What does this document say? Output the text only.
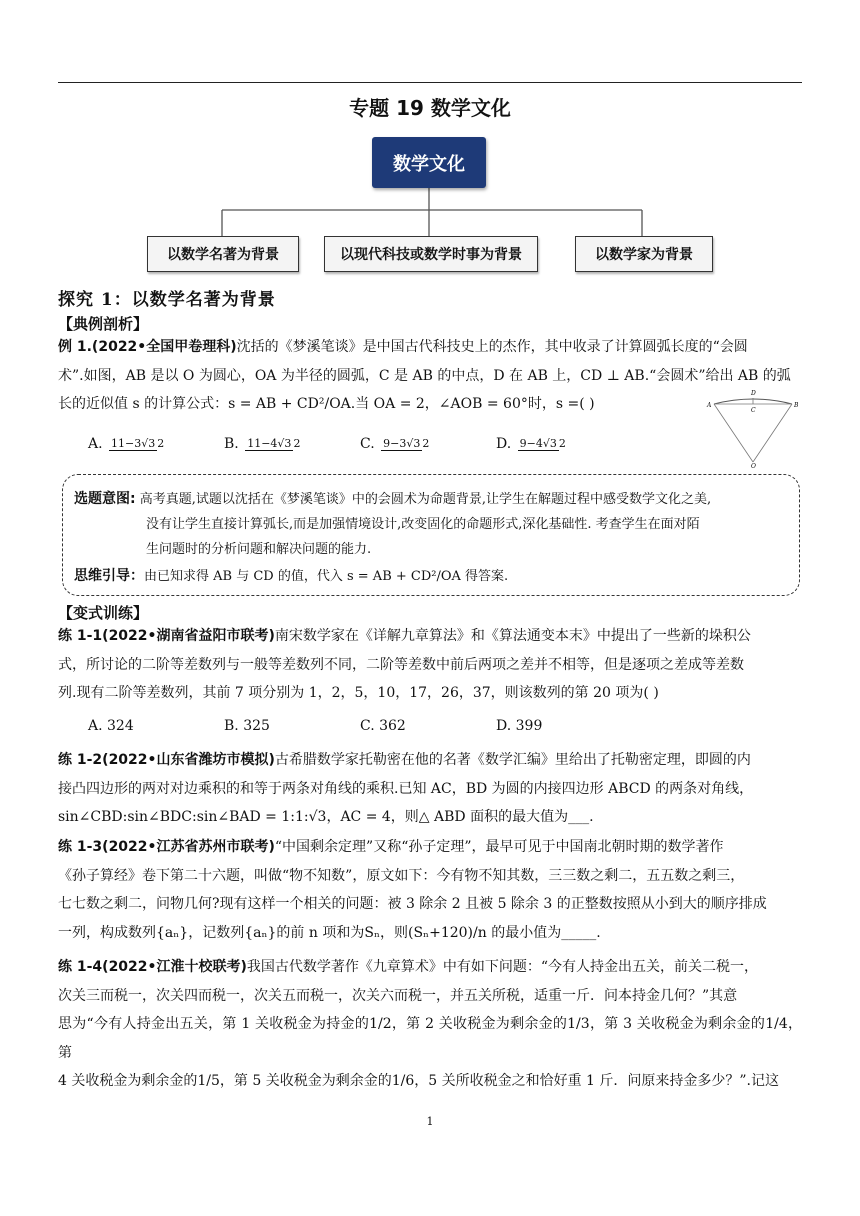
专题 19 数学文化
数学文化
以数学名著为背景	以现代科技或数学时事为背景	以数学家为背景
探究 1：以数学名著为背景
【典例剖析】
例 1.(2022•全国甲卷理科)沈括的《梦溪笔谈》是中国古代科技史上的杰作，其中收录了计算圆弧长度的“会圆
术”.如图，AB 是以 O 为圆心，OA 为半径的圆弧，C 是 AB 的中点，D 在 AB 上，CD ⊥ AB.“会圆术”给出 AB 的弧
长的近似值 s 的计算公式：s = AB + CD²/OA.当 OA = 2，∠AOB = 60°时，s =( )	A	B
C
D
O
A. 11−3√3 2	B. 11−4√3 2	C. 9−3√3 2	D. 9−4√3 2
选题意图: 高考真题,试题以沈括在《梦溪笔谈》中的会圆术为命题背景,让学生在解题过程中感受数学文化之美,
没有让学生直接计算弧长,而是加强情境设计,改变固化的命题形式,深化基础性. 考查学生在面对陌
生问题时的分析问题和解决问题的能力.
思维引导：由已知求得 AB 与 CD 的值，代入 s = AB + CD²/OA 得答案.
【变式训练】
练 1-1(2022•湖南省益阳市联考)南宋数学家在《详解九章算法》和《算法通变本末》中提出了一些新的垛积公
式，所讨论的二阶等差数列与一般等差数列不同，二阶等差数中前后两项之差并不相等，但是逐项之差成等差数
列.现有二阶等差数列，其前 7 项分别为 1，2，5，10，17，26，37，则该数列的第 20 项为( )
A. 324	B. 325	C. 362	D. 399
练 1-2(2022•山东省潍坊市模拟)古希腊数学家托勒密在他的名著《数学汇编》里给出了托勒密定理，即圆的内
接凸四边形的两对对边乘积的和等于两条对角线的乘积.已知 AC，BD 为圆的内接四边形 ABCD 的两条对角线，
sin∠CBD:sin∠BDC:sin∠BAD = 1:1:√3，AC = 4，则△ ABD 面积的最大值为___.
练 1-3(2022•江苏省苏州市联考)“中国剩余定理”又称“孙子定理”，最早可见于中国南北朝时期的数学著作
《孙子算经》卷下第二十六题，叫做“物不知数”，原文如下：今有物不知其数，三三数之剩二，五五数之剩三，
七七数之剩二，问物几何?现有这样一个相关的问题：被 3 除余 2 且被 5 除余 3 的正整数按照从小到大的顺序排成
一列，构成数列{aₙ}，记数列{aₙ}的前 n 项和为Sₙ，则(Sₙ+120)/n 的最小值为_____.
练 1-4(2022•江淮十校联考)我国古代数学著作《九章算术》中有如下问题：“今有人持金出五关，前关二税一，
次关三而税一，次关四而税一，次关五而税一，次关六而税一，并五关所税，适重一斤．问本持金几何？”其意
思为“今有人持金出五关，第 1 关收税金为持金的1/2，第 2 关收税金为剩余金的1/3，第 3 关收税金为剩余金的1/4，第
4 关收税金为剩余金的1/5，第 5 关收税金为剩余金的1/6，5 关所收税金之和恰好重 1 斤．问原来持金多少？”.记这
1
